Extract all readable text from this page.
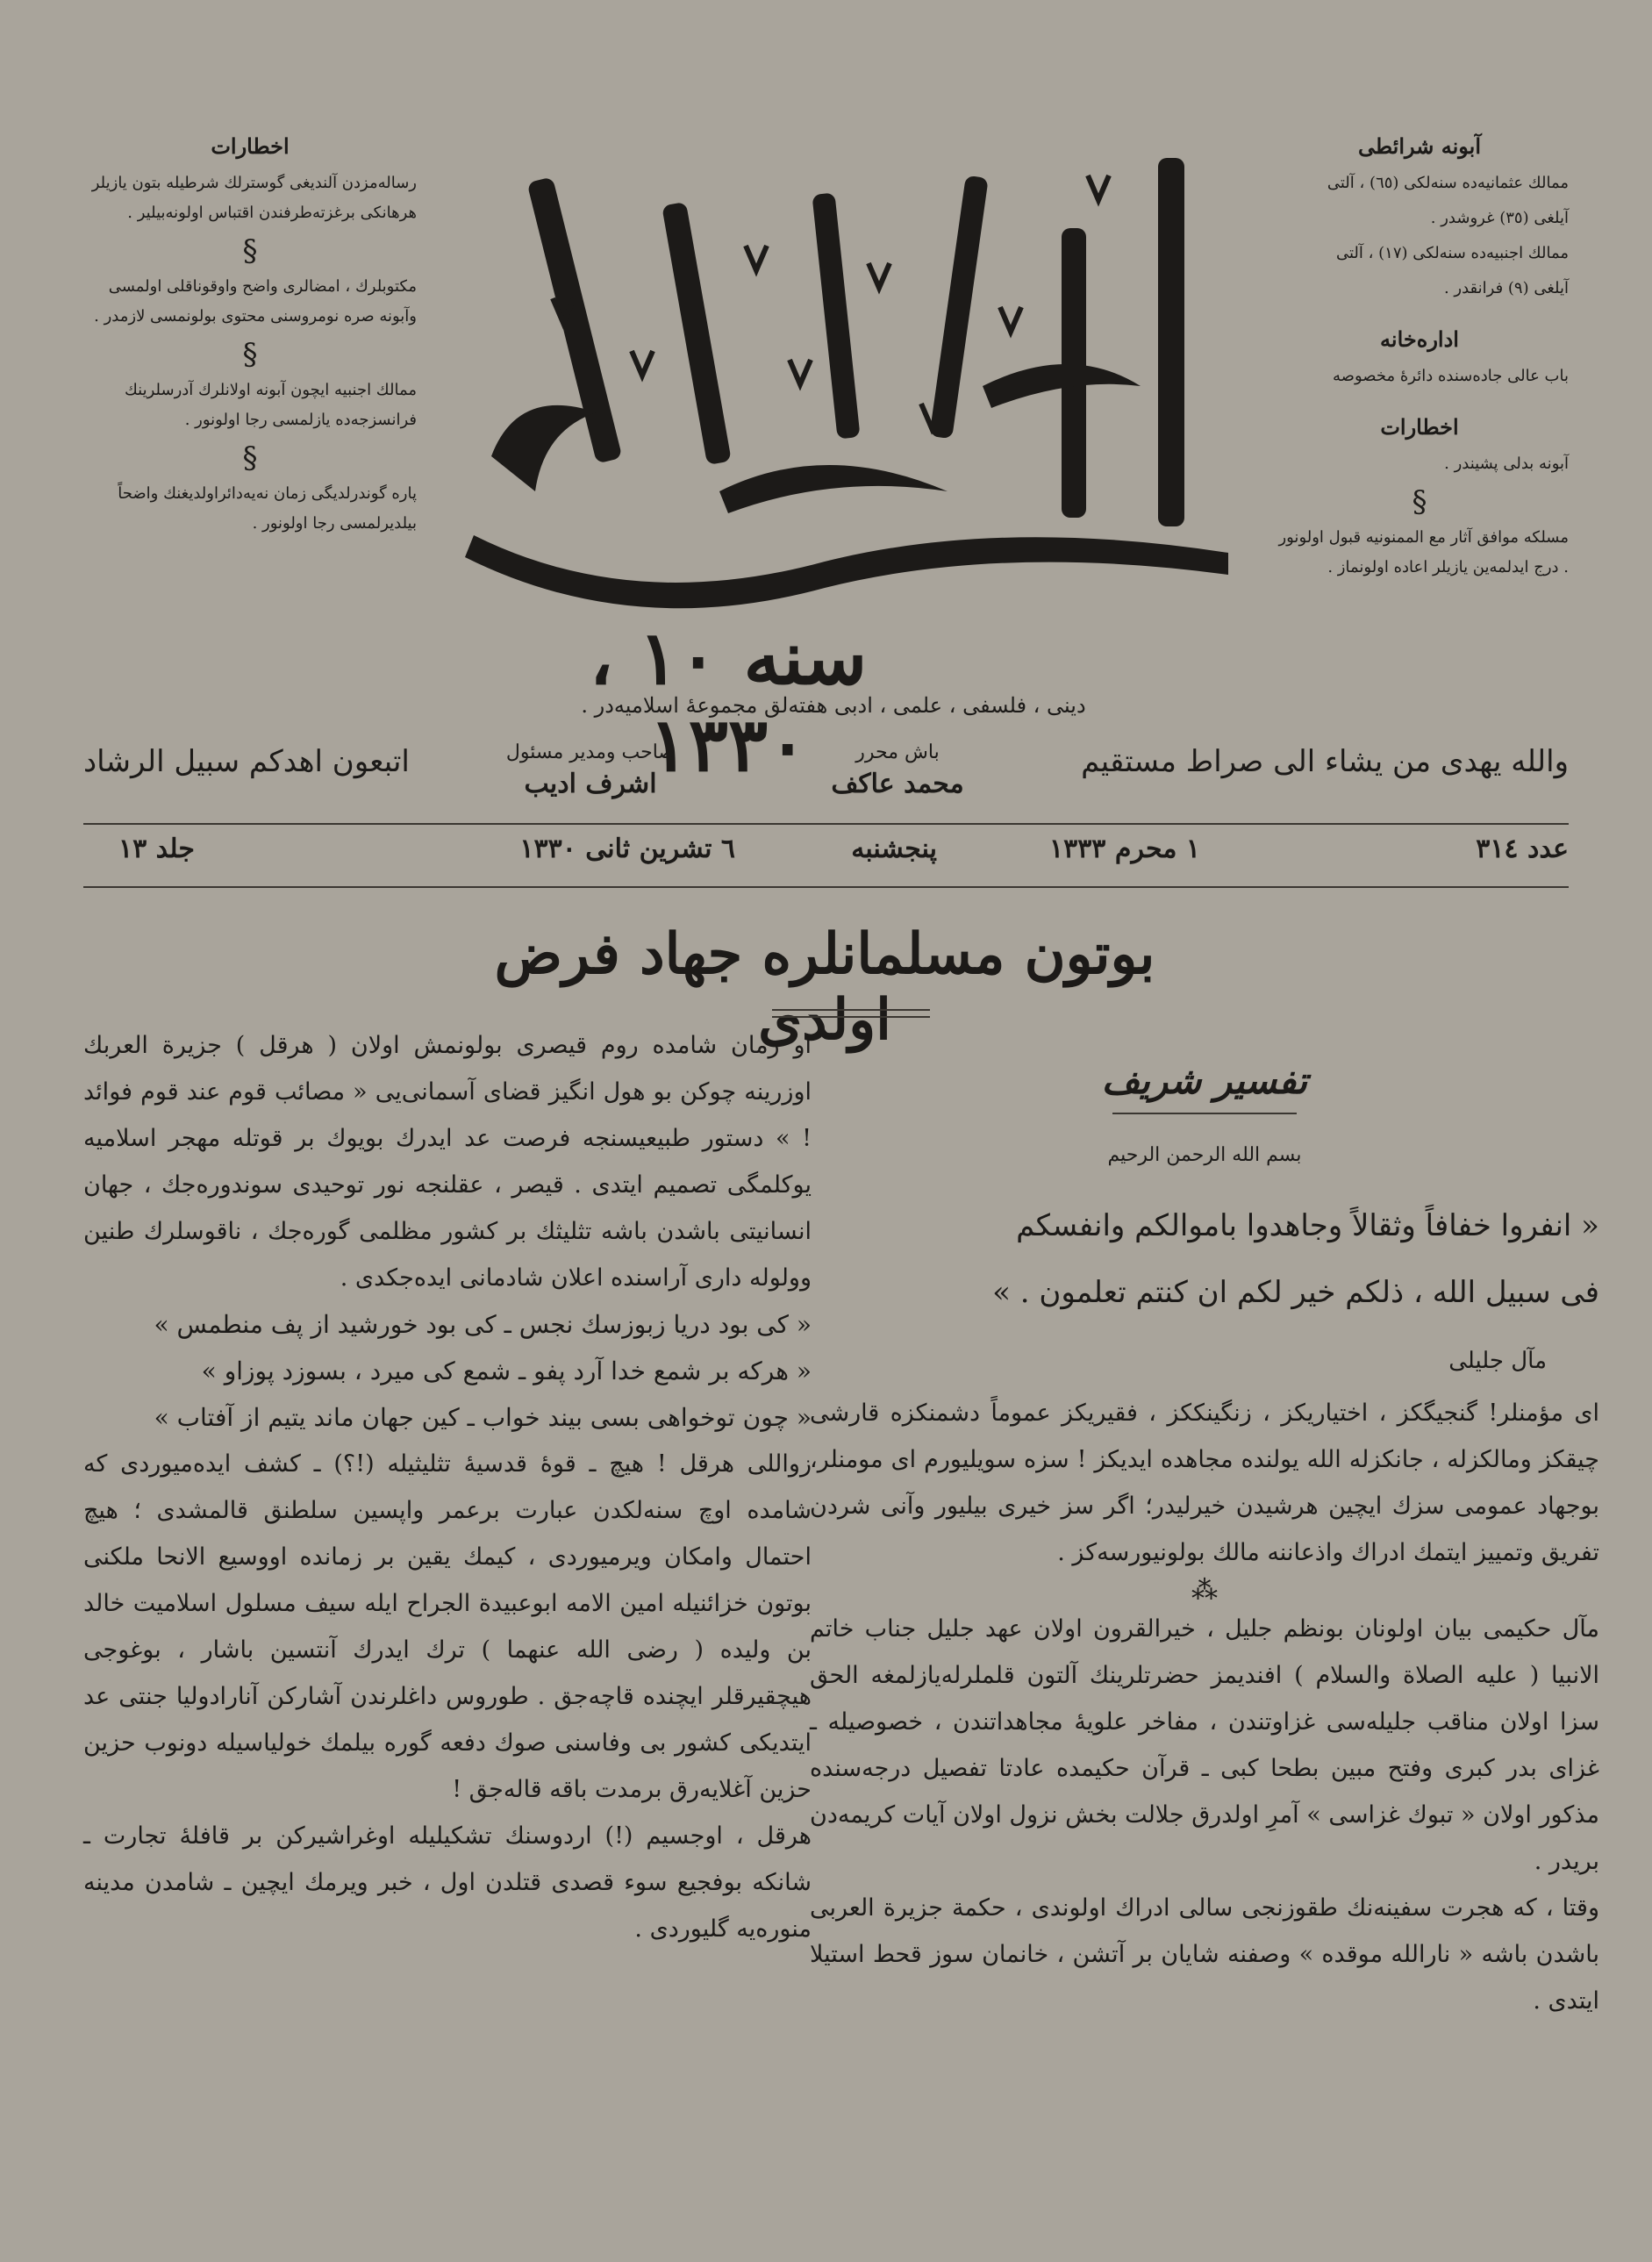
آبونه شرائطی

ممالك عثمانیه‌ده سنه‌لکی (٦٥) ، آلتی

آیلغی (٣٥) غروشدر .

ممالك اجنبیه‌ده سنه‌لکی (١٧) ، آلتی

آیلغی (٩) فرانقدر .

اداره‌خانه

باب عالی جاده‌سنده دائرهٔ مخصوصه

اخطارات

آبونه بدلی پشیندر .

§

مسلکه موافق آثار مع الممنونیه قبول اولونور . درج ایدلمه‌ین یازیلر اعاده اولونماز .

اخطارات

رساله‌مزدن آلندیغی گوسترلك شرطیله بتون یازیلر هرهانکی برغزته‌طرفندن اقتباس اولونه‌بیلیر .

§

مکتوبلرك ، امضالری واضح واوقوناقلی اولمسی وآبونه صره نومروسنی محتوی بولونمسی لازمدر .

§

ممالك اجنبیه ایچون آبونه اولانلرك آدرسلرینك فرانسزجه‌ده یازلمسی رجا اولونور .

§

پاره گوندرلدیگی زمان نه‌یه‌دائراولدیغنك واضحاً بیلدیرلمسی رجا اولونور .

سنه ١٠ ، ١٣٣٠
دینی ، فلسفی ، علمی ، ادبی هفته‌لق مجموعهٔ اسلامیه‌در .
والله یهدی من یشاء الی صراط مستقیم
باش محرر
محمد عاكف
صاحب ومدیر مسئول
اشرف ادیب
اتبعون اهدكم سبیل الرشاد
عدد ٣١٤
١ محرم ١٣٣٣
پنجشنبه
٦ تشرین ثانی ١٣٣٠
جلد ١٣
بوتون مسلمانلره جهاد فرض اولدی
تفسیر شریف
بسم الله الرحمن الرحیم

« انفروا خفافاً وثقالاً وجاهدوا باموالكم وانفسكم

فی سبیل الله ، ذلكم خیر لكم ان كنتم تعلمون . »

مآل جلیلی

ای مؤمنلر! گنجیگکز ، اختیاریکز ، زنگینککز ، فقیریکز عموماً دشمنکزه قارشی چیقکز ومالکزله ، جانکزله الله یولنده مجاهده ایدیکز ! سزه سویلیورم ای مومنلر، بوجهاد عمومی سزك ایچین هرشیدن خیرلیدر؛ اگر سز خیری بیلیور وآنی شردن تفریق وتمییز ایتمك ادراك واذعاننه مالك بولونیورسه‌کز .

⁂

مآل حکیمی بیان اولونان بونظم جلیل ، خیرالقرون اولان عهد جلیل جناب خاتم الانبیا ( علیه الصلاة والسلام ) افندیمز حضرتلرینك آلتون قلملرله‌یازلمغه الحق سزا اولان مناقب جلیله‌سی غزاوتندن ، مفاخر علویهٔ مجاهداتندن ، خصوصیله ـ غزای بدر کبری وفتح مبین بطحا کبی ـ قرآن حکیمده عادتا تفصیل درجه‌سنده مذکور اولان « تبوك غزاسی » آمرِ اولدرق جلالت بخش نزول اولان آیات کریمه‌دن بریدر .

وقتا ، که هجرت سفینه‌نك طقوزنجی سالی ادراك اولوندی ، حکمة جزیرة العربی باشدن باشه « نارالله موقده » وصفنه شایان بر آتشن ، خانمان سوز قحط استیلا ایتدی .

او زمان شامده روم قیصری بولونمش اولان ( هرقل ) جزیرة العربك اوزرینه چوكن بو هول انگیز قضای آسمانی‌یی « مصائب قوم عند قوم فوائد ! » دستور طبیعیسنجه فرصت عد ایدرك بویوك بر قوتله مهجر اسلامیه یوکلمگی تصمیم ایتدی . قیصر ، عقلنجه نور توحیدی سوندوره‌جك ، جهان انسانیتی باشدن باشه تثلیثك بر کشور مظلمی گوره‌جك ، ناقوسلرك طنین وولوله داری آراسنده اعلان شادمانی ایده‌جکدی .

« كی بود دریا زبوزسك نجس ـ كی بود خورشید از پف منطمس »

« هرکه بر شمع خدا آرد پفو ـ شمع کی میرد ، بسوزد پوزاو »

« چون توخواهی بسی بیند خواب ـ كین جهان ماند یتیم از آفتاب »

زواللی هرقل ! هیچ ـ قوهٔ قدسیهٔ تثلیثیله (!؟) ـ کشف ایده‌میوردی که شامده اوچ سنه‌لکدن عبارت برعمر واپسین سلطنق قالمشدی ؛ هیچ احتمال وامکان ویرمیوردی ، کیمك یقین بر زمانده اووسیع الانحا ملکنی بوتون خزائنیله امین الامه ابوعبیدة الجراح ایله سیف مسلول اسلامیت خالد بن ولیده ( رضی الله عنهما ) ترك ایدرك آنتسین باشار ، بوغوجی هیچقیرقلر ایچنده قاچه‌جق . طوروس داغلرندن آشارکن آنارادولیا جنتی عد ایتدیکی کشور بی وفاسنی صوك دفعه گوره بیلمك خولیاسیله دونوب حزین حزین آغلایه‌رق برمدت باقه قاله‌جق !

هرقل ، اوجسیم (!) اردوسنك تشکیلیله اوغراشیرکن بر قافلهٔ تجارت ـ شانکه بوفجیع سوء قصدی قتلدن اول ، خبر ویرمك ایچین ـ شامدن مدینه منوره‌یه گلیوردی .
